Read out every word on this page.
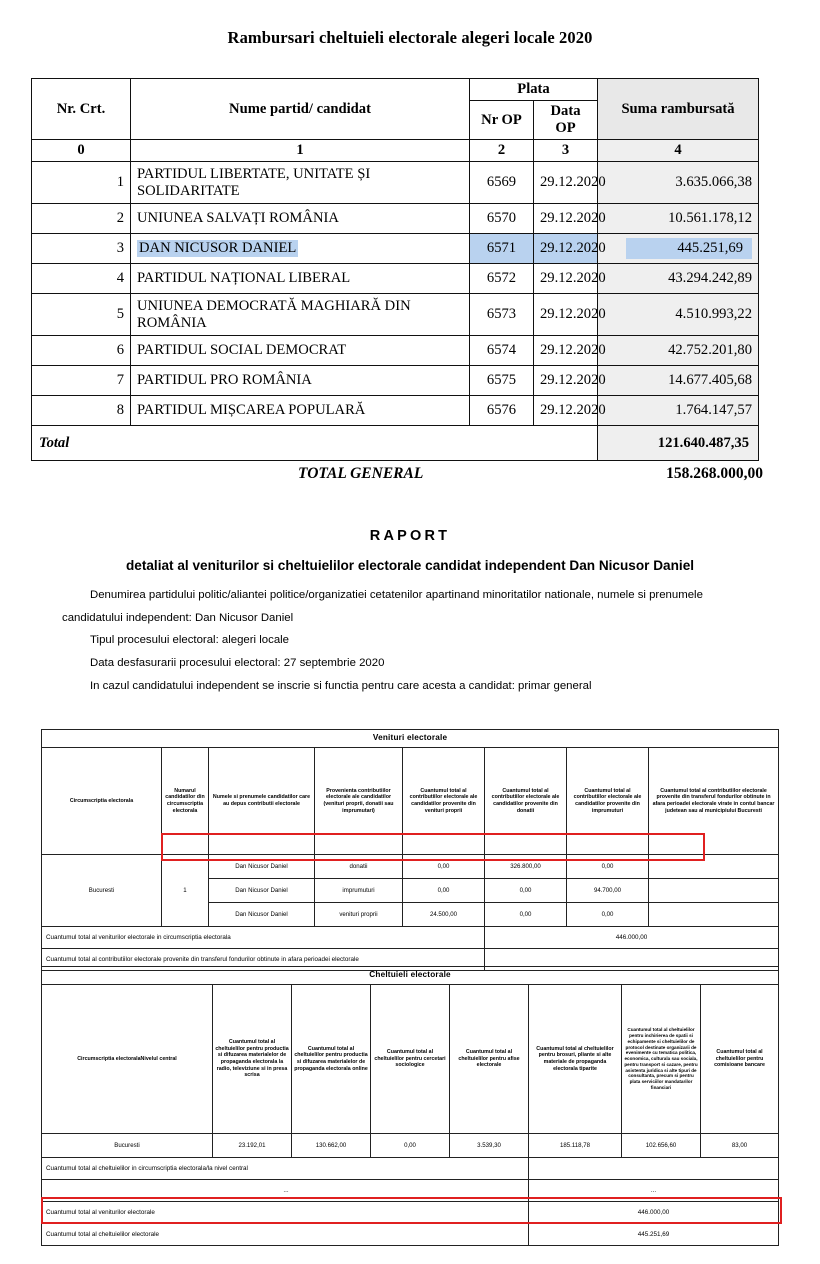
Rambursari cheltuieli electorale alegeri locale 2020
Nr. Crt.	Nume partid/ candidat	Plata		Suma rambursată
		Nr OP	Data OP	
0	1	2	3	4
1	PARTIDUL LIBERTATE, UNITATE ȘI SOLIDARITATE	6569	29.12.2020	3.635.066,38
2	UNIUNEA SALVAȚI ROMÂNIA	6570	29.12.2020	10.561.178,12
3	DAN NICUSOR DANIEL	6571	29.12.2020	445.251,69

4	PARTIDUL NAȚIONAL LIBERAL	6572	29.12.2020	43.294.242,89
5	UNIUNEA DEMOCRATĂ MAGHIARĂ DIN ROMÂNIA	6573	29.12.2020	4.510.993,22
6	PARTIDUL SOCIAL DEMOCRAT	6574	29.12.2020	42.752.201,80
7	PARTIDUL PRO ROMÂNIA	6575	29.12.2020	14.677.405,68
8	PARTIDUL MIȘCAREA POPULARĂ	6576	29.12.2020	1.764.147,57
Total				121.640.487,35
TOTAL GENERAL	158.268.000,00
RAPORT
detaliat al veniturilor si cheltuielilor electorale candidat independent Dan Nicusor Daniel
Denumirea partidului politic/aliantei politice/organizatiei cetatenilor apartinand minoritatilor nationale, numele si prenumele
candidatului independent: Dan Nicusor Daniel
Tipul procesului electoral: alegeri locale
Data desfasurarii procesului electoral: 27 septembrie 2020
In cazul candidatului independent se inscrie si functia pentru care acesta a candidat: primar general
Venituri electorale							
Circumscriptia electorala	Numarul candidatilor din circumscriptia electorala	Numele si prenumele candidatilor care au depus contributii electorale	Provenienta contributiilor electorale ale candidatilor (venituri proprii, donatii sau imprumutari)	Cuantumul total al contributiilor electorale ale candidatilor provenite din venituri proprii	Cuantumul total al contributiilor electorale ale candidatilor provenite din donatii	Cuantumul total al contributiilor electorale ale candidatilor provenite din imprumuturi	Cuantumul total al contributiilor electorale provenite din transferul fondurilor obtinute in afara perioadei electorale virate in contul bancar judetean sau al municipiului Bucuresti
Bucuresti	1	Dan Nicusor Daniel	donatii	0,00	326.800,00	0,00	
		Dan Nicusor Daniel	imprumuturi	0,00	0,00	94.700,00	
		Dan Nicusor Daniel	venituri proprii	24.500,00	0,00	0,00	
Cuantumul total al veniturilor electorale in circumscriptia electorala					446.000,00		
Cuantumul total al contributiilor electorale provenite din transferul fondurilor obtinute in afara perioadei electorale							
Cheltuieli electorale							
Circumscriptia electoralaNivelul central	Cuantumul total al cheltuielilor pentru productia si difuzarea materialelor de propaganda electorala la radio, televiziune si in presa scrisa	Cuantumul total al cheltuielilor pentru productia si difuzarea materialelor de propaganda electorala online	Cuantumul total al cheltuielilor pentru cercetari sociologice	Cuantumul total al cheltuielilor pentru afise electorale	Cuantumul total al cheltuielilor pentru brosuri, pliante si alte materiale de propaganda electorala tiparite	Cuantumul total al cheltuielilor pentru inchirierea de spatii si echipamente si cheltuielilor de protocol destinate organizarii de evenimente cu tematica politica, economica, culturala sau sociala, pentru transport si cazare, pentru asistenta juridica si alte tipuri de consultanta, precum si pentru plata serviciilor mandatarilor financiari	Cuantumul total al cheltuielilor pentru comisioane bancare
Bucuresti	23.192,01	130.662,00	0,00	3.539,30	185.118,78	102.656,60	83,00
Cuantumul total al cheltuielilor in circumscriptia electorala/la nivel central							
...					...		
Cuantumul total al veniturilor electorale					446.000,00		
Cuantumul total al cheltuielilor electorale					445.251,69		
